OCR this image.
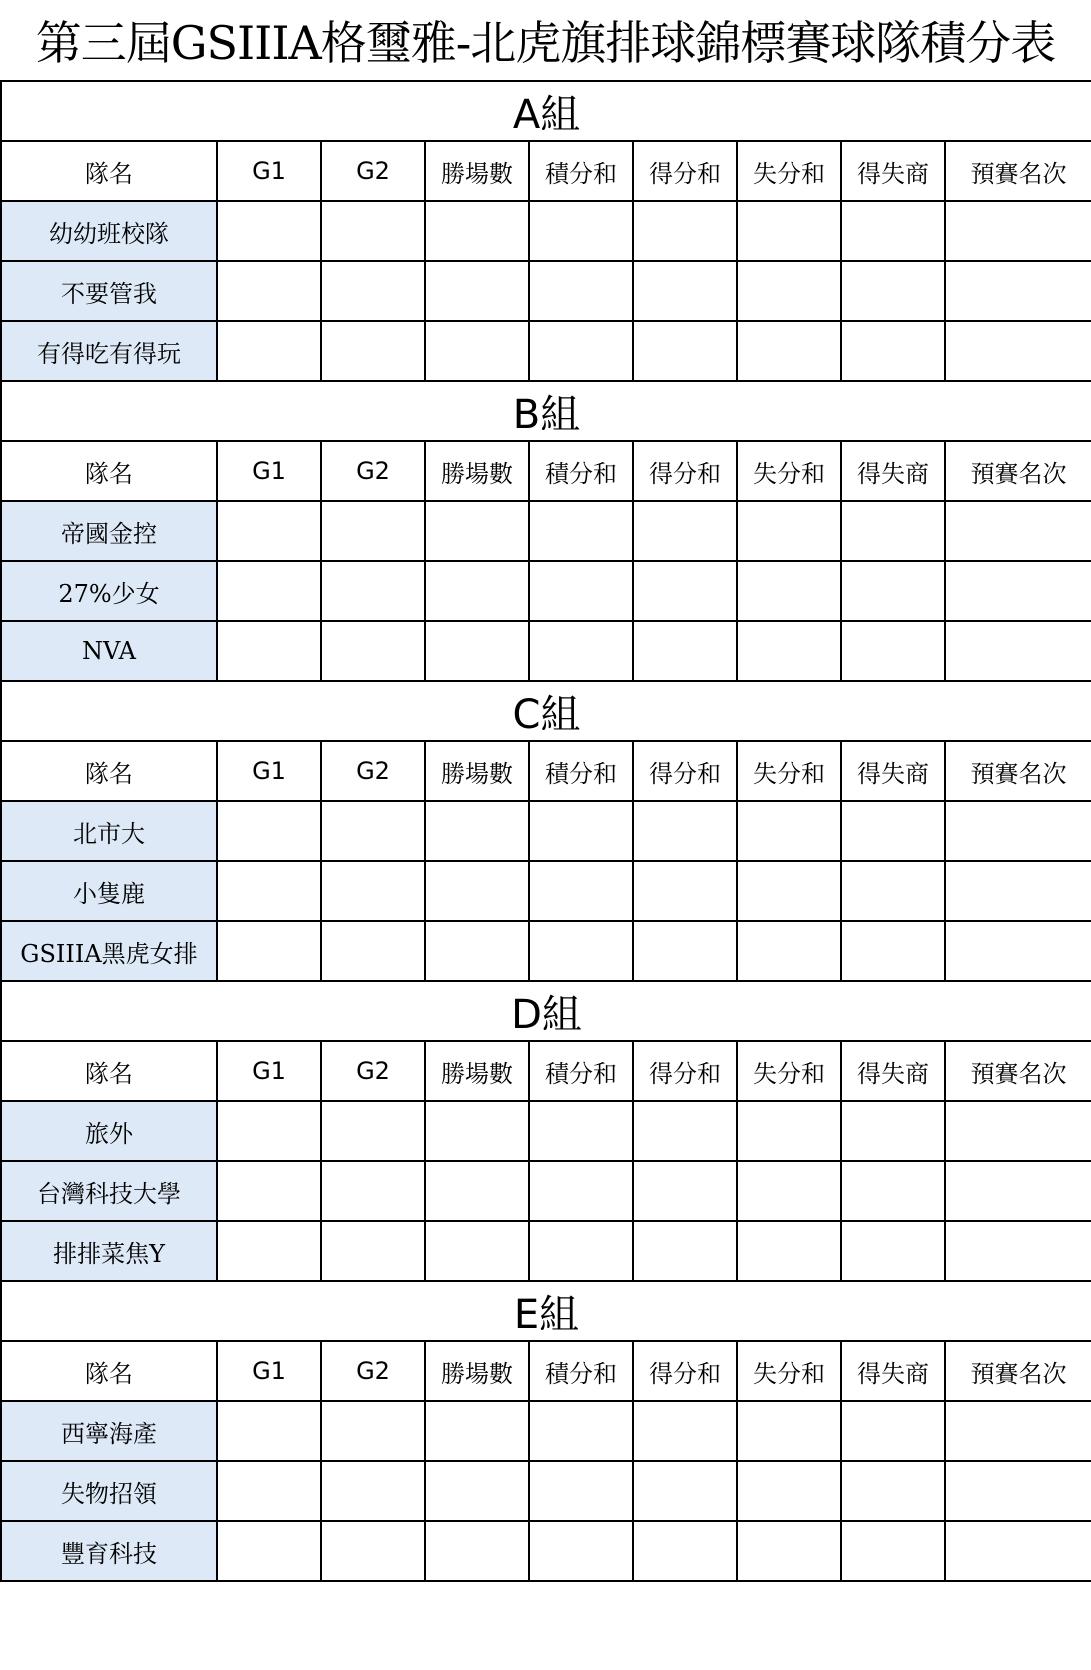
第三屆GSIIIA格璽雅-北虎旗排球錦標賽球隊積分表
A組								
隊名	G1	G2	勝場數	積分和	得分和	失分和	得失商	預賽名次
幼幼班校隊								
不要管我								
有得吃有得玩								
B組								
隊名	G1	G2	勝場數	積分和	得分和	失分和	得失商	預賽名次
帝國金控								
27%少女								
NVA								
C組								
隊名	G1	G2	勝場數	積分和	得分和	失分和	得失商	預賽名次
北市大								
小隻鹿								
GSIIIA黑虎女排								
D組								
隊名	G1	G2	勝場數	積分和	得分和	失分和	得失商	預賽名次
旅外								
台灣科技大學								
排排菜焦Y								
E組								
隊名	G1	G2	勝場數	積分和	得分和	失分和	得失商	預賽名次
西寧海產								
失物招領								
豐育科技								
